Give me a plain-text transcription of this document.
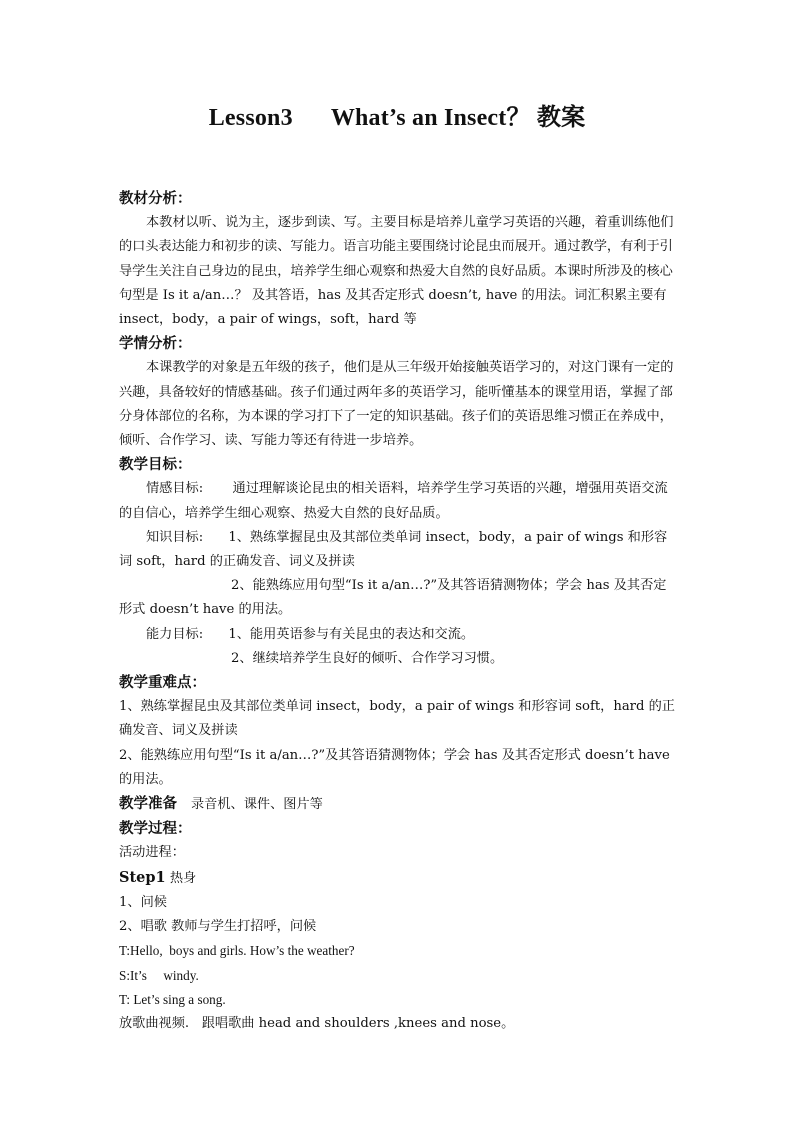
Lesson3 What’s an Insect？ 教案

教材分析：

本教材以听、说为主，逐步到读、写。主要目标是培养儿童学习英语的兴趣，着重训练他们的口头表达能力和初步的读、写能力。语言功能主要围绕讨论昆虫而展开。通过教学，有利于引导学生关注自己身边的昆虫，培养学生细心观察和热爱大自然的良好品质。本课时所涉及的核心句型是 Is it a/an…？ 及其答语，has 及其否定形式 doesn’t, have 的用法。词汇积累主要有 insect，body，a pair of wings，soft，hard 等

学情分析：

本课教学的对象是五年级的孩子，他们是从三年级开始接触英语学习的，对这门课有一定的兴趣，具备较好的情感基础。孩子们通过两年多的英语学习，能听懂基本的课堂用语，掌握了部分身体部位的名称，为本课的学习打下了一定的知识基础。孩子们的英语思维习惯正在养成中，倾听、合作学习、读、写能力等还有待进一步培养。

教学目标：

情感目标: 通过理解谈论昆虫的相关语料，培养学生学习英语的兴趣，增强用英语交流的自信心，培养学生细心观察、热爱大自然的良好品质。

知识目标: 1、熟练掌握昆虫及其部位类单词 insect，body，a pair of wings 和形容词 soft，hard 的正确发音、词义及拼读

2、能熟练应用句型“Is it a/an…?”及其答语猜测物体；学会 has 及其否定形式 doesn’t have 的用法。

能力目标: 1、能用英语参与有关昆虫的表达和交流。

2、继续培养学生良好的倾听、合作学习习惯。

教学重难点：

1、熟练掌握昆虫及其部位类单词 insect，body，a pair of wings 和形容词 soft，hard 的正确发音、词义及拼读

2、能熟练应用句型“Is it a/an…?”及其答语猜测物体；学会 has 及其否定形式 doesn’t have 的用法。

教学准备 录音机、课件、图片等

教学过程：

活动进程：

Step1 热身

1、问候

2、唱歌 教师与学生打招呼，问候

T:Hello,  boys and girls. How’s the weather?

S:It’s     windy.

T: Let’s sing a song.

放歌曲视频.   跟唱歌曲 head and shoulders ,knees and nose。
